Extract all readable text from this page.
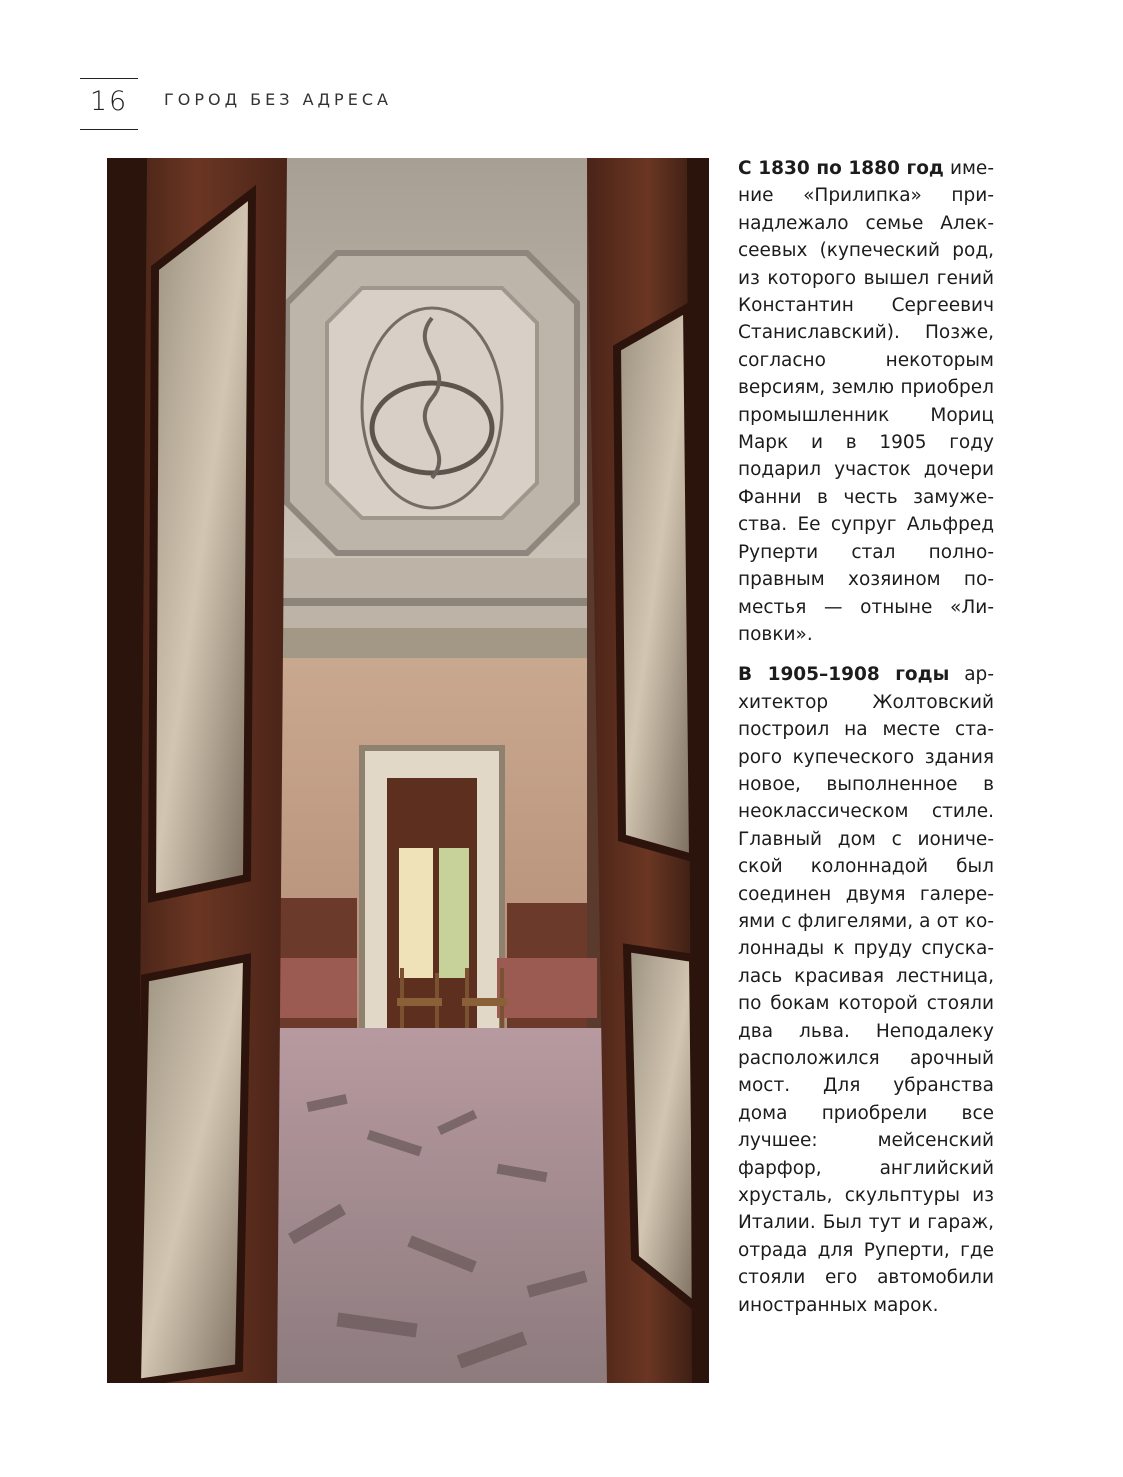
16	ГОРОД БЕЗ АДРЕСА

С 1830 по 1880 год имение «Прилипка» принадлежало семье Алексеевых (купеческий род, из которого вышел гений Константин Сергеевич Станиславский). Позже, согласно некоторым версиям, землю приобрел промышленник Мориц Марк и в 1905 году подарил участок дочери Фанни в честь замужества. Ее супруг Альфред Руперти стал полноправным хозяином поместья — отныне «Липовки».

В 1905–1908 годы архитектор Жолтовский построил на месте старого купеческого здания новое, выполненное в неоклассическом стиле. Главный дом с ионической колоннадой был соединен двумя галереями с флигелями, а от колоннады к пруду спускалась красивая лестница, по бокам которой стояли два льва. Неподалеку расположился арочный мост. Для убранства дома приобрели все лучшее: мейсенский фарфор, английский хрусталь, скульптуры из Италии. Был тут и гараж, отрада для Руперти, где стояли его автомобили иностранных марок.
